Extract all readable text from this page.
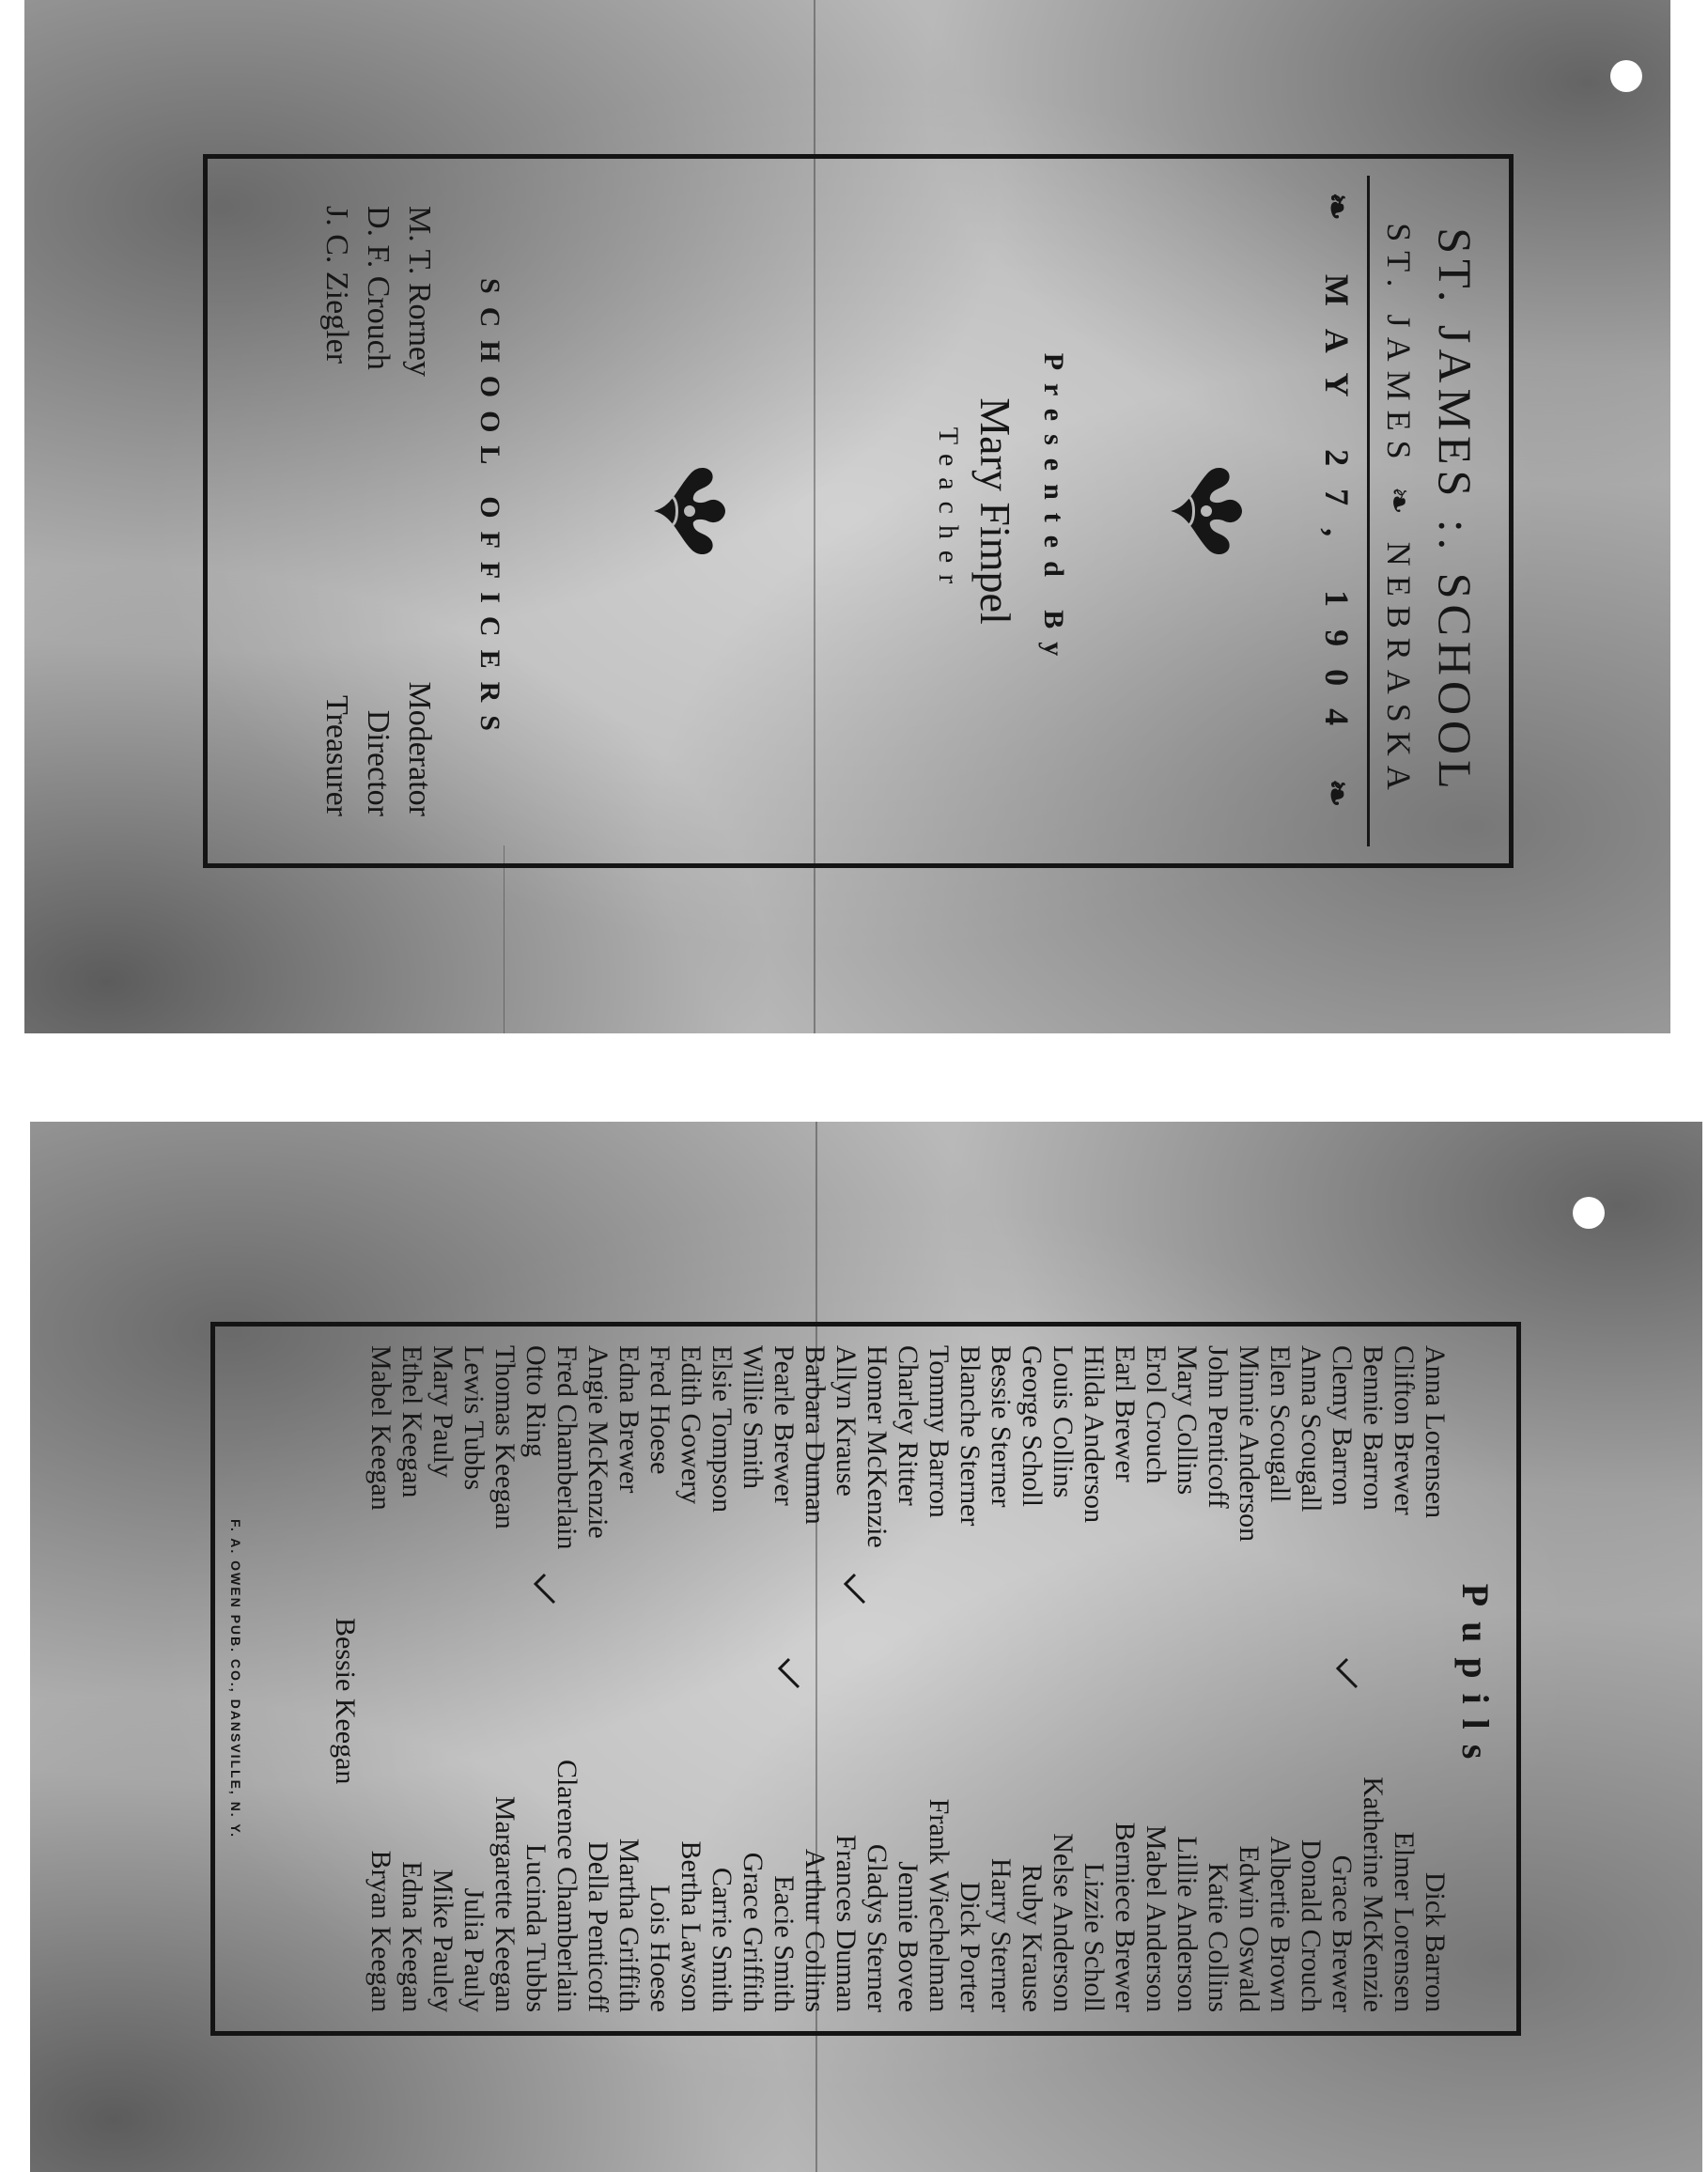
ST. JAMES :. SCHOOL
ST. JAMES ❧ NEBRASKA
❧ MAY 27, 1904 ❧
Presented By
Mary Fimpel
Teacher
SCHOOL OFFICERS
M. T. Rorney
Moderator
D. F. Crouch
Director
J. C. Ziegler
Treasurer
Pupils
Anna Lorensen
Clifton Brewer
Bennie Barron
Clemy Barron
Anna Scougall
Elen Scougall
Minnie Anderson
John Penticoff
Mary Collins
Erol Crouch
Earl Brewer
Hilda Anderson
Louis Collins
George Scholl
Bessie Sterner
Blanche Sterner
Tommy Barron
Charley Ritter
Homer McKenzie
Allyn Krause
Barbara Duman
Pearle Brewer
Willie Smith
Elsie Tompson
Edith Gowery
Fred Hoese
Edna Brewer
Angie McKenzie
Fred Chamberlain
Otto Ring
Thomas Keegan
Lewis Tubbs
Mary Pauly
Ethel Keegan
Mabel Keegan
Dick Barron
Elmer Lorensen
Katherine McKenzie
Grace Brewer
Donald Crouch
Albertie Brown
Edwin Oswald
Katie Collins
Lillie Anderson
Mabel Anderson
Berniece Brewer
Lizzie Scholl
Nelse Anderson
Ruby Krause
Harry Sterner
Dick Porter
Frank Wiechelman
Jennie Bovee
Gladys Sterner
Frances Duman
Arthur Collins
Eacie Smith
Grace Griffith
Carrie Smith
Bertha Lawson
Lois Hoese
Martha Griffith
Della Penticoff
Clarence Chamberlain
Lucinda Tubbs
Margarette Keegan
Julia Pauly
Mike Pauley
Edna Keegan
Bryan Keegan
Bessie Keegan
F. A. OWEN PUB. CO., DANSVILLE, N. Y.
